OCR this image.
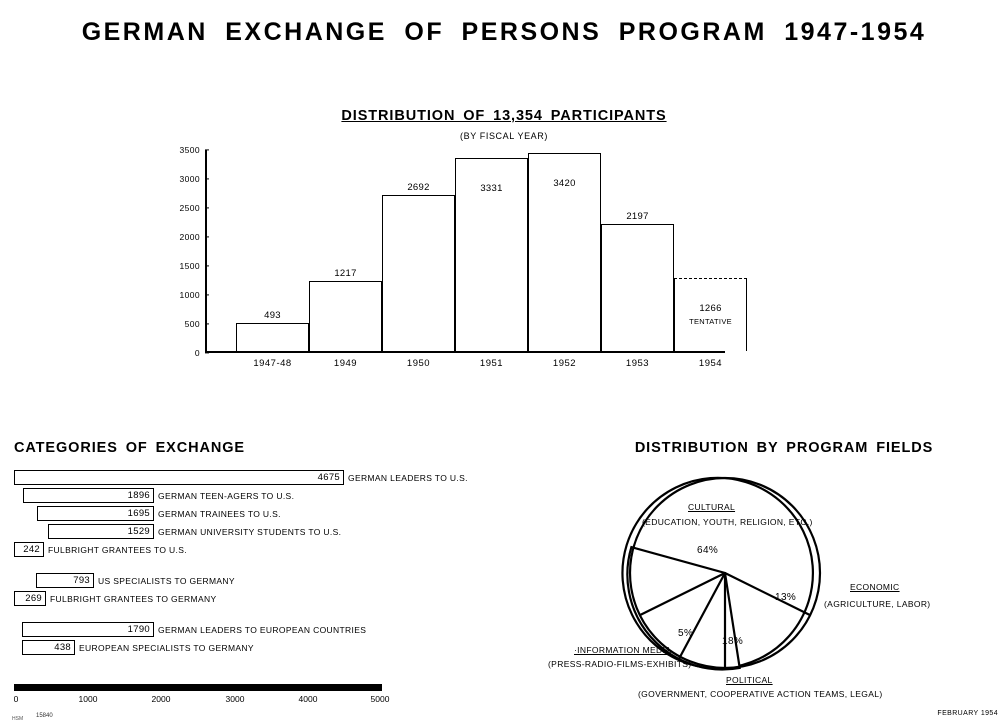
GERMAN EXCHANGE OF PERSONS PROGRAM 1947-1954
DISTRIBUTION OF 13,354 PARTICIPANTS
(BY FISCAL YEAR)
0
500
1000
1500
2000
2500
3000
3500
493
1947-48
1217
1949
2692
1950
3331
1951
3420
1952
2197
1953
1266
TENTATIVE
1954
CATEGORIES OF EXCHANGE
4675 GERMAN LEADERS TO U.S.
1896 GERMAN TEEN-AGERS TO U.S.
1695 GERMAN TRAINEES TO U.S.
1529 GERMAN UNIVERSITY STUDENTS TO U.S.
242 FULBRIGHT GRANTEES TO U.S.
793 US SPECIALISTS TO GERMANY
269 FULBRIGHT GRANTEES TO GERMANY
1790 GERMAN LEADERS TO EUROPEAN COUNTRIES
438 EUROPEAN SPECIALISTS TO GERMANY
0	1000	2000	3000	4000	5000
DISTRIBUTION BY PROGRAM FIELDS
CULTURAL
(EDUCATION, YOUTH, RELIGION, ETC.)
64%
ECONOMIC
(AGRICULTURE, LABOR)
13%
·INFORMATION MEDIA
(PRESS-RADIO-FILMS-EXHIBITS)
5%
POLITICAL
(GOVERNMENT, COOPERATIVE ACTION TEAMS, LEGAL)
18%
FEBRUARY 1954
15840
HSM
